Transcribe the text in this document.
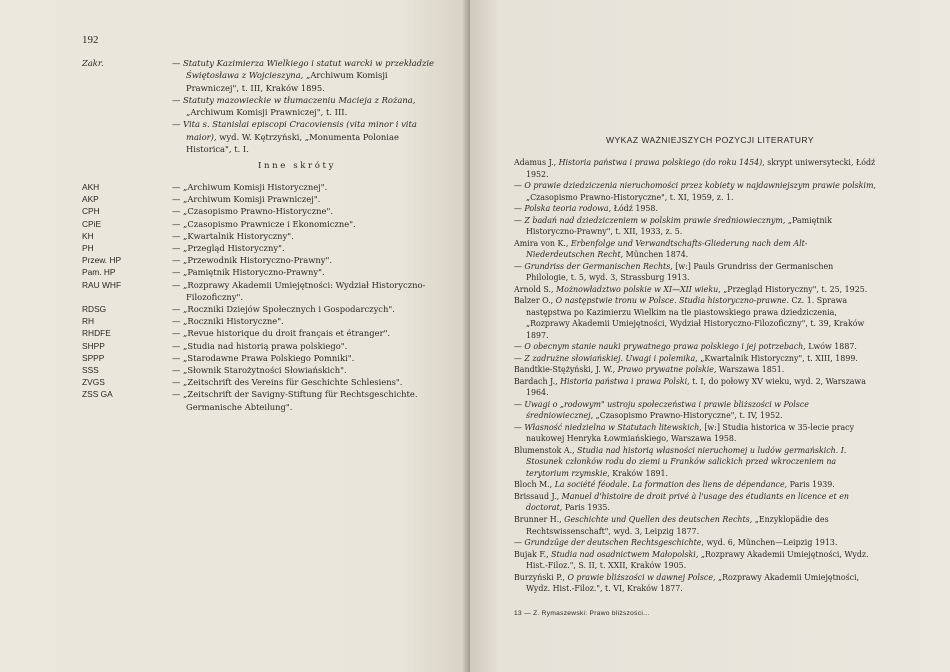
192
Zakr.	— Statuty Kazimierza Wielkiego i statut warcki w przekładzie Świętosława z Wojcieszyna, „Archiwum Komisji Prawniczej", t. III, Kraków 1895.
— Statuty mazowieckie w tłumaczeniu Macieja z Rożana, „Archiwum Komisji Prawniczej", t. III.
— Vita s. Stanislai episcopi Cracoviensis (vita minor i vita maior), wyd. W. Kętrzyński, „Monumenta Poloniae Historica", t. I.
Inne skróty
AKH	— „Archiwum Komisji Historycznej".
AKP	— „Archiwum Komisji Prawniczej".
CPH	— „Czasopismo Prawno-Historyczne".
CPiE	— „Czasopismo Prawnicze i Ekonomiczne".
KH	— „Kwartalnik Historyczny".
PH	— „Przegląd Historyczny".
Przew. HP	— „Przewodnik Historyczno-Prawny".
Pam. HP	— „Pamiętnik Historyczno-Prawny".
RAU WHF	— „Rozprawy Akademii Umiejętności: Wydział Historyczno-Filozoficzny".
RDSG	— „Roczniki Dziejów Społecznych i Gospodarczych".
RH	— „Roczniki Historyczne".
RHDFE	— „Revue historique du droit français et étranger".
SHPP	— „Studia nad historią prawa polskiego".
SPPP	— „Starodawne Prawa Polskiego Pomniki".
SSS	— „Słownik Starożytności Słowiańskich".
ZVGS	— „Zeitschrift des Vereins für Geschichte Schlesiens".
ZSS GA	— „Zeitschrift der Savigny-Stiftung für Rechtsgeschichte. Germanische Abteilung".
WYKAZ WAŻNIEJSZYCH POZYCJI LITERATURY
Adamus J., Historia państwa i prawa polskiego (do roku 1454), skrypt uniwersytecki, Łódź 1952.
— O prawie dziedziczenia nieruchomości przez kobiety w najdawniejszym prawie polskim, „Czasopismo Prawno-Historyczne", t. XI, 1959, z. 1.
— Polska teoria rodowa, Łódź 1958.
— Z badań nad dziedziczeniem w polskim prawie średniowiecznym, „Pamiętnik Historyczno-Prawny", t. XII, 1933, z. 5.
Amira von K., Erbenfolge und Verwandtschafts-Gliederung nach dem Alt-Niederdeutschen Recht, München 1874.
— Grundriss der Germanischen Rechts, [w:] Pauls Grundriss der Germanischen Philologie, t. 5, wyd. 3, Strassburg 1913.
Arnold S., Możnowładztwo polskie w XI—XII wieku, „Przegląd Historyczny", t. 25, 1925.
Balzer O., O następstwie tronu w Polsce. Studia historyczno-prawne. Cz. 1. Sprawa następstwa po Kazimierzu Wielkim na tle piastowskiego prawa dziedziczenia, „Rozprawy Akademii Umiejętności, Wydział Historyczno-Filozoficzny", t. 39, Kraków 1897.
— O obecnym stanie nauki prywatnego prawa polskiego i jej potrzebach, Lwów 1887.
— Z zadrużne słowiańskiej. Uwagi i polemika, „Kwartalnik Historyczny", t. XIII, 1899.
Bandtkie-Stężyński, J. W., Prawo prywatne polskie, Warszawa 1851.
Bardach J., Historia państwa i prawa Polski, t. I, do połowy XV wieku, wyd. 2, Warszawa 1964.
— Uwagi o „rodowym" ustroju społeczeństwa i prawie bliższości w Polsce średniowiecznej, „Czasopismo Prawno-Historyczne", t. IV, 1952.
— Własność niedzielna w Statutach litewskich, [w:] Studia historica w 35-lecie pracy naukowej Henryka Łowmiańskiego, Warszawa 1958.
Blumenstok A., Studia nad historią własności nieruchomej u ludów germańskich. I. Stosunek członków rodu do ziemi u Franków salickich przed wkroczeniem na terytorium rzymskie, Kraków 1891.
Bloch M., La société féodale. La formation des liens de dépendance, Paris 1939.
Brissaud J., Manuel d'histoire de droit privé à l'usage des étudiants en licence et en doctorat, Paris 1935.
Brunner H., Geschichte und Quellen des deutschen Rechts, „Enzyklopädie des Rechtswissenschaft", wyd. 3, Leipzig 1877.
— Grundzüge der deutschen Rechtsgeschichte, wyd. 6, München—Leipzig 1913.
Bujak F., Studia nad osadnictwem Małopolski, „Rozprawy Akademii Umiejętności, Wydz. Hist.-Filoz.", S. II, t. XXII, Kraków 1905.
Burzyński P., O prawie bliższości w dawnej Polsce, „Rozprawy Akademii Umiejętności, Wydz. Hist.-Filoz.", t. VI, Kraków 1877.
13 — Z. Rymaszewski: Prawo bliższości...
